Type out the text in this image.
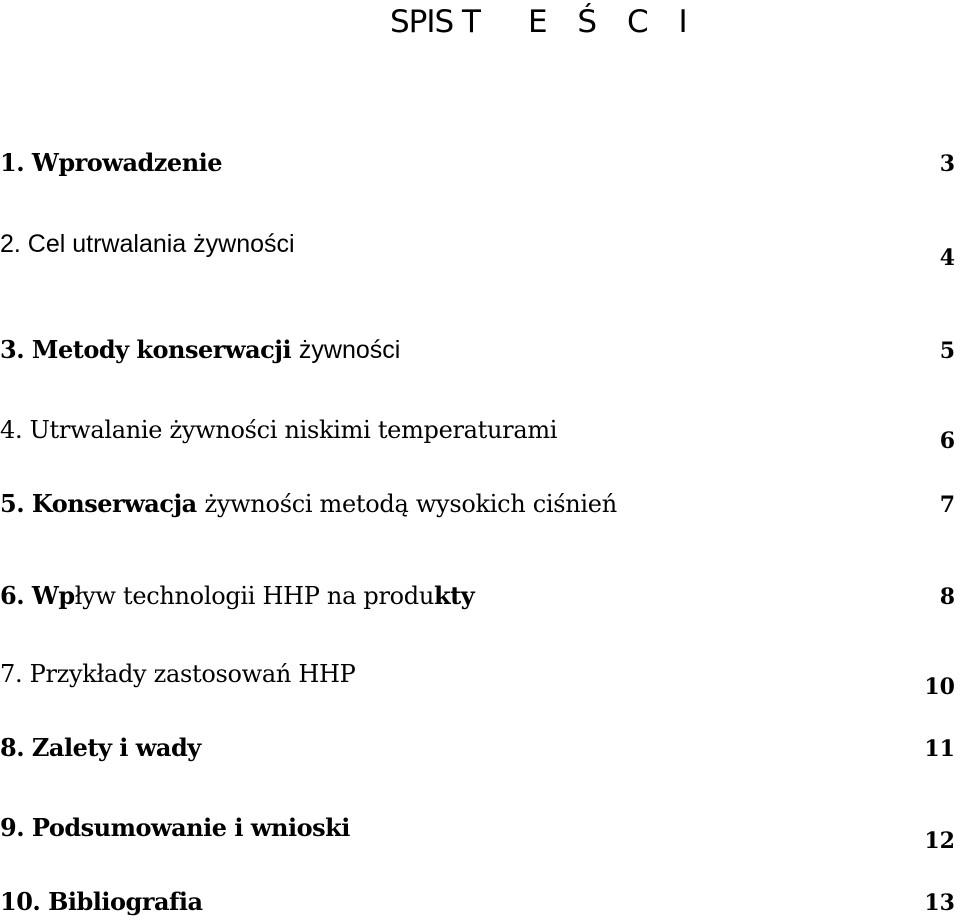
SPIS T E Ś C I
1. Wprowadzenie	3
2. Cel utrwalania żywności	4
3. Metody konserwacji żywności	5
4. Utrwalanie żywności niskimi temperaturami	6
5. Konserwacja żywności metodą wysokich ciśnień	7
6. Wpływ technologii HHP na produkty	8
7. Przykłady zastosowań HHP	10
8. Zalety i wady	11
9. Podsumowanie i wnioski	12
10. Bibliografia	13
